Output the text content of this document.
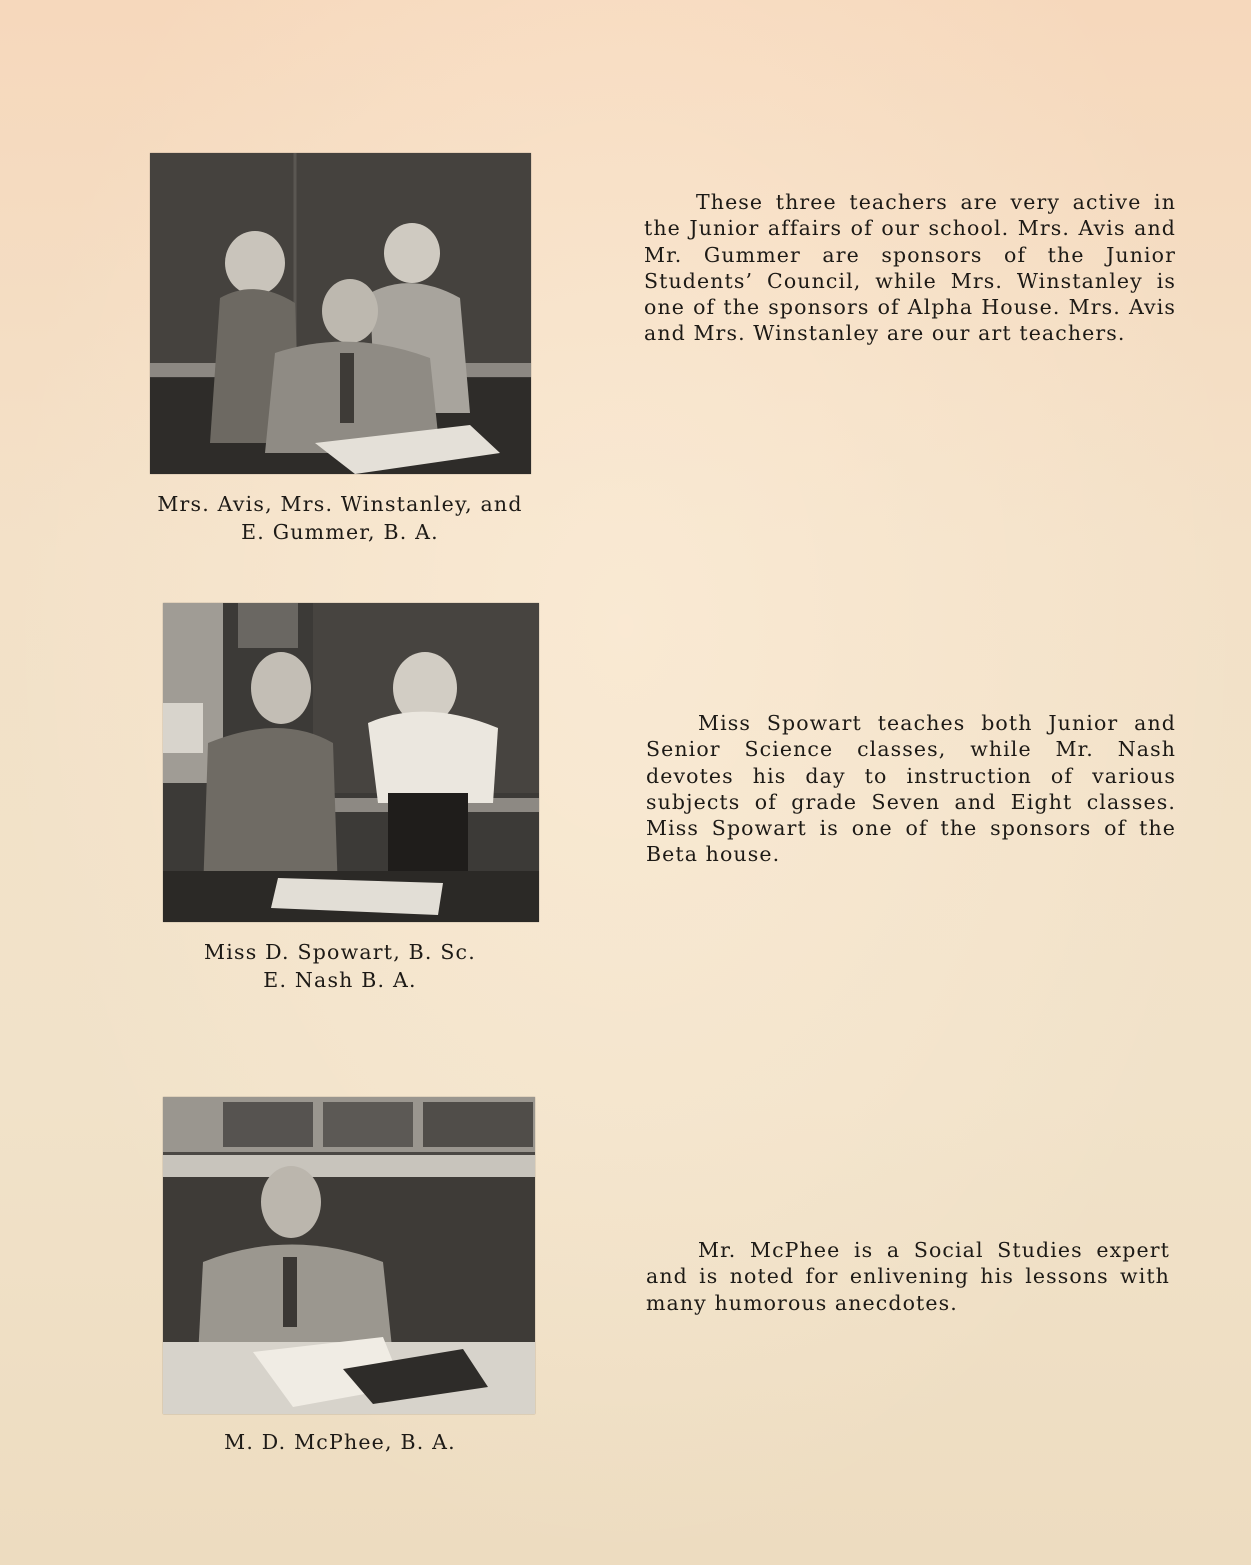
Mrs. Avis, Mrs. Winstanley, and
E. Gummer, B. A.
These three teachers are very active in the Junior affairs of our school. Mrs. Avis and Mr. Gummer are sponsors of the Junior Students’ Council, while Mrs. Winstanley is one of the sponsors of Alpha House. Mrs. Avis and Mrs. Winstanley are our art teachers.
Miss D. Spowart, B. Sc.
E. Nash B. A.
Miss Spowart teaches both Junior and Senior Science classes, while Mr. Nash devotes his day to instruction of various subjects of grade Seven and Eight classes. Miss Spowart is one of the sponsors of the Beta house.
M. D. McPhee, B. A.
Mr. McPhee is a Social Studies expert and is noted for enlivening his lessons with many humorous anecdotes.
